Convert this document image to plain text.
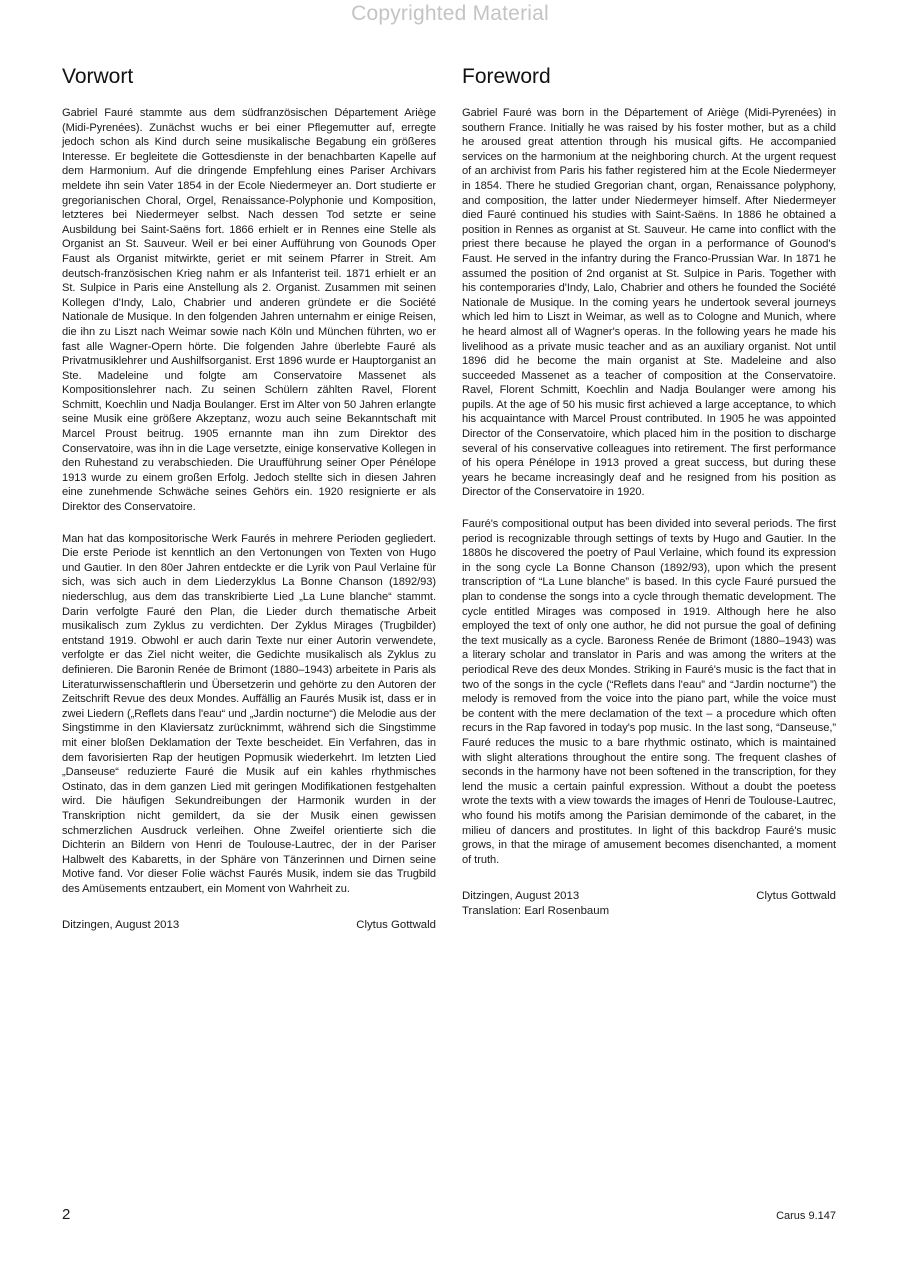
Copyrighted Material
Vorwort

Gabriel Fauré stammte aus dem südfranzösischen Département Ariège (Midi-Pyrenées). Zunächst wuchs er bei einer Pflegemutter auf, erregte jedoch schon als Kind durch seine musikalische Begabung ein größeres Interesse. Er begleitete die Gottesdienste in der benachbarten Kapelle auf dem Harmonium. Auf die dringende Empfehlung eines Pariser Archivars meldete ihn sein Vater 1854 in der Ecole Niedermeyer an. Dort studierte er gregorianischen Choral, Orgel, Renaissance-Polyphonie und Komposition, letzteres bei Niedermeyer selbst. Nach dessen Tod setzte er seine Ausbildung bei Saint-Saëns fort. 1866 erhielt er in Rennes eine Stelle als Organist an St. Sauveur. Weil er bei einer Aufführung von Gounods Oper Faust als Organist mitwirkte, geriet er mit seinem Pfarrer in Streit. Am deutsch-französischen Krieg nahm er als Infanterist teil. 1871 erhielt er an St. Sulpice in Paris eine Anstellung als 2. Organist. Zusammen mit seinen Kollegen d'Indy, Lalo, Chabrier und anderen gründete er die Société Nationale de Musique. In den folgenden Jahren unternahm er einige Reisen, die ihn zu Liszt nach Weimar sowie nach Köln und München führten, wo er fast alle Wagner-Opern hörte. Die folgenden Jahre überlebte Fauré als Privatmusiklehrer und Aushilfsorganist. Erst 1896 wurde er Hauptorganist an Ste. Madeleine und folgte am Conservatoire Massenet als Kompositionslehrer nach. Zu seinen Schülern zählten Ravel, Florent Schmitt, Koechlin und Nadja Boulanger. Erst im Alter von 50 Jahren erlangte seine Musik eine größere Akzeptanz, wozu auch seine Bekanntschaft mit Marcel Proust beitrug. 1905 ernannte man ihn zum Direktor des Conservatoire, was ihn in die Lage versetzte, einige konservative Kollegen in den Ruhestand zu verabschieden. Die Uraufführung seiner Oper Pénélope 1913 wurde zu einem großen Erfolg. Jedoch stellte sich in diesen Jahren eine zunehmende Schwäche seines Gehörs ein. 1920 resignierte er als Direktor des Conservatoire.

Man hat das kompositorische Werk Faurés in mehrere Perioden gegliedert. Die erste Periode ist kenntlich an den Vertonungen von Texten von Hugo und Gautier. In den 80er Jahren entdeckte er die Lyrik von Paul Verlaine für sich, was sich auch in dem Liederzyklus La Bonne Chanson (1892/93) niederschlug, aus dem das transkribierte Lied „La Lune blanche“ stammt. Darin verfolgte Fauré den Plan, die Lieder durch thematische Arbeit musikalisch zum Zyklus zu verdichten. Der Zyklus Mirages (Trugbilder) entstand 1919. Obwohl er auch darin Texte nur einer Autorin verwendete, verfolgte er das Ziel nicht weiter, die Gedichte musikalisch als Zyklus zu definieren. Die Baronin Renée de Brimont (1880–1943) arbeitete in Paris als Literaturwissenschaftlerin und Übersetzerin und gehörte zu den Autoren der Zeitschrift Revue des deux Mondes. Auffällig an Faurés Musik ist, dass er in zwei Liedern („Reflets dans l'eau“ und „Jardin nocturne“) die Melodie aus der Singstimme in den Klaviersatz zurücknimmt, während sich die Singstimme mit einer bloßen Deklamation der Texte bescheidet. Ein Verfahren, das in dem favorisierten Rap der heutigen Popmusik wiederkehrt. Im letzten Lied „Danseuse“ reduzierte Fauré die Musik auf ein kahles rhythmisches Ostinato, das in dem ganzen Lied mit geringen Modifikationen festgehalten wird. Die häufigen Sekundreibungen der Harmonik wurden in der Transkription nicht gemildert, da sie der Musik einen gewissen schmerzlichen Ausdruck verleihen. Ohne Zweifel orientierte sich die Dichterin an Bildern von Henri de Toulouse-Lautrec, der in der Pariser Halbwelt des Kabaretts, in der Sphäre von Tänzerinnen und Dirnen seine Motive fand. Vor dieser Folie wächst Faurés Musik, indem sie das Trugbild des Amüsements entzaubert, ein Moment von Wahrheit zu.

Ditzingen, August 2013	Clytus Gottwald
Foreword

Gabriel Fauré was born in the Département of Ariège (Midi-Pyrenées) in southern France. Initially he was raised by his foster mother, but as a child he aroused great attention through his musical gifts. He accompanied services on the harmonium at the neighboring church. At the urgent request of an archivist from Paris his father registered him at the Ecole Niedermeyer in 1854. There he studied Gregorian chant, organ, Renaissance polyphony, and composition, the latter under Niedermeyer himself. After Niedermeyer died Fauré continued his studies with Saint-Saëns. In 1886 he obtained a position in Rennes as organist at St. Sauveur. He came into conflict with the priest there because he played the organ in a performance of Gounod's Faust. He served in the infantry during the Franco-Prussian War. In 1871 he assumed the position of 2nd organist at St. Sulpice in Paris. Together with his contemporaries d'Indy, Lalo, Chabrier and others he founded the Société Nationale de Musique. In the coming years he undertook several journeys which led him to Liszt in Weimar, as well as to Cologne and Munich, where he heard almost all of Wagner's operas. In the following years he made his livelihood as a private music teacher and as an auxiliary organist. Not until 1896 did he become the main organist at Ste. Madeleine and also succeeded Massenet as a teacher of composition at the Conservatoire. Ravel, Florent Schmitt, Koechlin and Nadja Boulanger were among his pupils. At the age of 50 his music first achieved a large acceptance, to which his acquaintance with Marcel Proust contributed. In 1905 he was appointed Director of the Conservatoire, which placed him in the position to discharge several of his conservative colleagues into retirement. The first performance of his opera Pénélope in 1913 proved a great success, but during these years he became increasingly deaf and he resigned from his position as Director of the Conservatoire in 1920.

Fauré's compositional output has been divided into several periods. The first period is recognizable through settings of texts by Hugo and Gautier. In the 1880s he discovered the poetry of Paul Verlaine, which found its expression in the song cycle La Bonne Chanson (1892/93), upon which the present transcription of “La Lune blanche” is based. In this cycle Fauré pursued the plan to condense the songs into a cycle through thematic development. The cycle entitled Mirages was composed in 1919. Although here he also employed the text of only one author, he did not pursue the goal of defining the text musically as a cycle. Baroness Renée de Brimont (1880–1943) was a literary scholar and translator in Paris and was among the writers at the periodical Reve des deux Mondes. Striking in Fauré's music is the fact that in two of the songs in the cycle (“Reflets dans l'eau” and “Jardin nocturne”) the melody is removed from the voice into the piano part, while the voice must be content with the mere declamation of the text – a procedure which often recurs in the Rap favored in today's pop music. In the last song, “Danseuse,” Fauré reduces the music to a bare rhythmic ostinato, which is maintained with slight alterations throughout the entire song. The frequent clashes of seconds in the harmony have not been softened in the transcription, for they lend the music a certain painful expression. Without a doubt the poetess wrote the texts with a view towards the images of Henri de Toulouse-Lautrec, who found his motifs among the Parisian demimonde of the cabaret, in the milieu of dancers and prostitutes. In light of this backdrop Fauré's music grows, in that the mirage of amusement becomes disenchanted, a moment of truth.

Ditzingen, August 2013	Clytus Gottwald
Translation: Earl Rosenbaum
2	Carus 9.147
